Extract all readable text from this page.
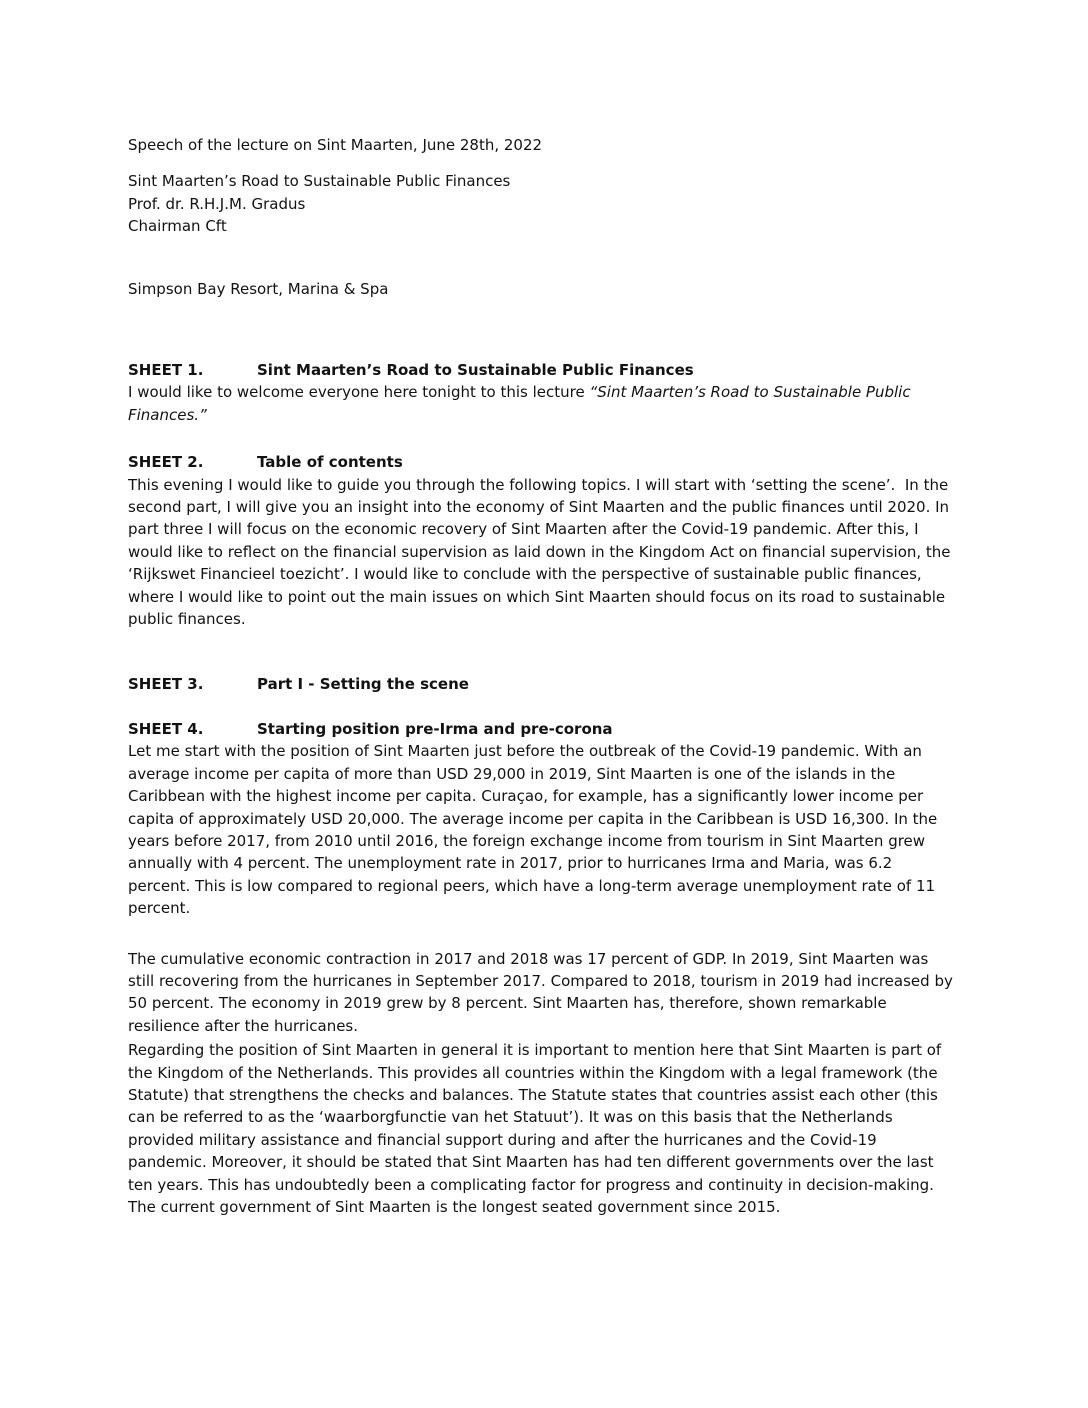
Speech of the lecture on Sint Maarten, June 28th, 2022

Sint Maarten’s Road to Sustainable Public Finances

Prof. dr. R.H.J.M. Gradus

Chairman Cft

Simpson Bay Resort, Marina & Spa

SHEET 1.	Sint Maarten’s Road to Sustainable Public Finances

I would like to welcome everyone here tonight to this lecture “Sint Maarten’s Road to Sustainable Public Finances.”

SHEET 2.	Table of contents

This evening I would like to guide you through the following topics. I will start with ‘setting the scene’.  In the second part, I will give you an insight into the economy of Sint Maarten and the public finances until 2020. In part three I will focus on the economic recovery of Sint Maarten after the Covid-19 pandemic. After this, I would like to reflect on the financial supervision as laid down in the Kingdom Act on financial supervision, the ‘Rijkswet Financieel toezicht’. I would like to conclude with the perspective of sustainable public finances, where I would like to point out the main issues on which Sint Maarten should focus on its road to sustainable public finances.

SHEET 3.	Part I - Setting the scene
SHEET 4.	Starting position pre-Irma and pre-corona

Let me start with the position of Sint Maarten just before the outbreak of the Covid-19 pandemic. With an average income per capita of more than USD 29,000 in 2019, Sint Maarten is one of the islands in the Caribbean with the highest income per capita. Curaçao, for example, has a significantly lower income per capita of approximately USD 20,000. The average income per capita in the Caribbean is USD 16,300. In the years before 2017, from 2010 until 2016, the foreign exchange income from tourism in Sint Maarten grew annually with 4 percent. The unemployment rate in 2017, prior to hurricanes Irma and Maria, was 6.2 percent. This is low compared to regional peers, which have a long-term average unemployment rate of 11 percent.

The cumulative economic contraction in 2017 and 2018 was 17 percent of GDP. In 2019, Sint Maarten was still recovering from the hurricanes in September 2017. Compared to 2018, tourism in 2019 had increased by 50 percent. The economy in 2019 grew by 8 percent. Sint Maarten has, therefore, shown remarkable resilience after the hurricanes.

Regarding the position of Sint Maarten in general it is important to mention here that Sint Maarten is part of the Kingdom of the Netherlands. This provides all countries within the Kingdom with a legal framework (the Statute) that strengthens the checks and balances. The Statute states that countries assist each other (this can be referred to as the ‘waarborgfunctie van het Statuut’). It was on this basis that the Netherlands provided military assistance and financial support during and after the hurricanes and the Covid-19 pandemic. Moreover, it should be stated that Sint Maarten has had ten different governments over the last ten years. This has undoubtedly been a complicating factor for progress and continuity in decision-making. The current government of Sint Maarten is the longest seated government since 2015.
